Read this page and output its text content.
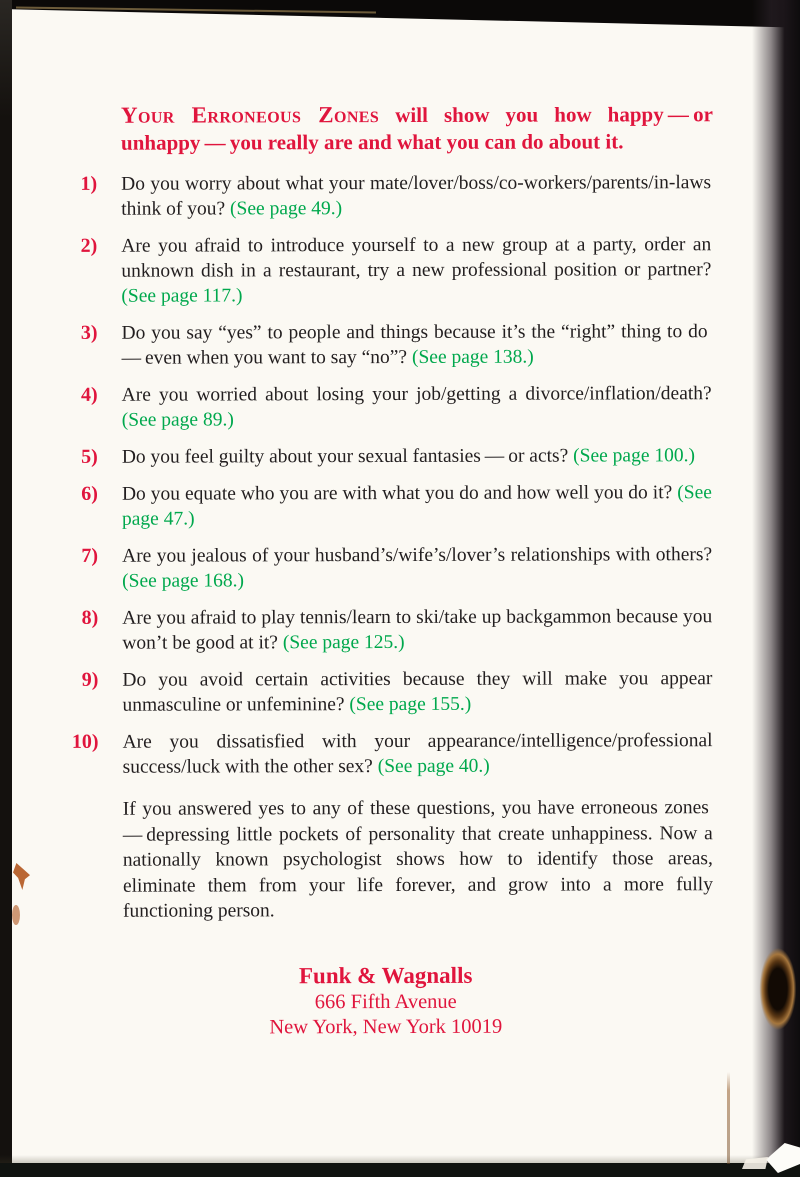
Your Erroneous Zones will show you how happy — or unhappy — you really are and what you can do about it.

1) Do you worry about what your mate/lover/boss/co-workers/parents/in-laws think of you? (See page 49.)

2) Are you afraid to introduce yourself to a new group at a party, order an unknown dish in a restaurant, try a new professional position or partner? (See page 117.)

3) Do you say “yes” to people and things because it’s the “right” thing to do — even when you want to say “no”? (See page 138.)

4) Are you worried about losing your job/getting a divorce/inflation/death? (See page 89.)

5) Do you feel guilty about your sexual fantasies — or acts? (See page 100.)

6) Do you equate who you are with what you do and how well you do it? (See page 47.)

7) Are you jealous of your husband’s/wife’s/lover’s relationships with others? (See page 168.)

8) Are you afraid to play tennis/learn to ski/take up backgammon because you won’t be good at it? (See page 125.)

9) Do you avoid certain activities because they will make you appear unmasculine or unfeminine? (See page 155.)

10) Are you dissatisfied with your appearance/intelligence/professional success/luck with the other sex? (See page 40.)

If you answered yes to any of these questions, you have erroneous zones — depressing little pockets of personality that create unhappiness. Now a nationally known psychologist shows how to identify those areas, eliminate them from your life forever, and grow into a more fully functioning person.

Funk & Wagnalls
666 Fifth Avenue
New York, New York 10019
